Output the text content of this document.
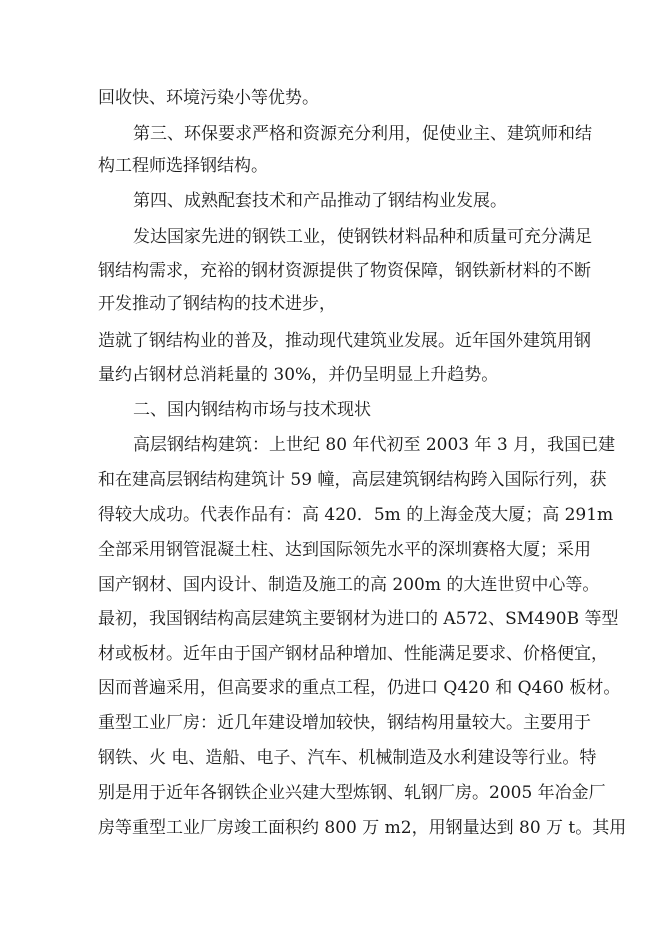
回收快、环境污染小等优势。
第三、环保要求严格和资源充分利用，促使业主、建筑师和结
构工程师选择钢结构。
第四、成熟配套技术和产品推动了钢结构业发展。
发达国家先进的钢铁工业，使钢铁材料品种和质量可充分满足
钢结构需求，充裕的钢材资源提供了物资保障，钢铁新材料的不断
开发推动了钢结构的技术进步，
造就了钢结构业的普及，推动现代建筑业发展。近年国外建筑用钢
量约占钢材总消耗量的 30%，并仍呈明显上升趋势。
二、国内钢结构市场与技术现状
高层钢结构建筑：上世纪 80 年代初至 2003 年 3 月，我国已建
和在建高层钢结构建筑计 59 幢，高层建筑钢结构跨入国际行列，获
得较大成功。代表作品有：高 420．5m 的上海金茂大厦；高 291m
全部采用钢管混凝土柱、达到国际领先水平的深圳赛格大厦；采用
国产钢材、国内设计、制造及施工的高 200m 的大连世贸中心等。
最初，我国钢结构高层建筑主要钢材为进口的 A572、SM490B 等型
材或板材。近年由于国产钢材品种增加、性能满足要求、价格便宜，
因而普遍采用，但高要求的重点工程，仍进口 Q420 和 Q460 板材。
重型工业厂房：近几年建设增加较快，钢结构用量较大。主要用于
钢铁、火 电、造船、电子、汽车、机械制造及水利建设等行业。特
别是用于近年各钢铁企业兴建大型炼钢、轧钢厂房。2005 年冶金厂
房等重型工业厂房竣工面积约 800 万 m2，用钢量达到 80 万 t。其用
